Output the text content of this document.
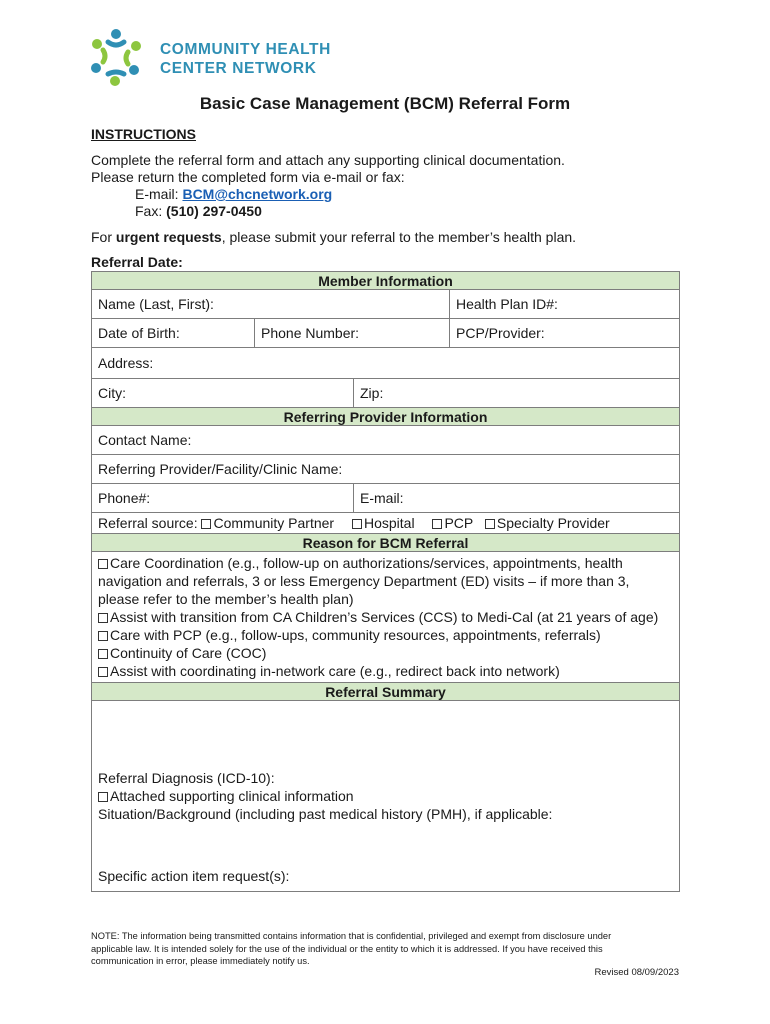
COMMUNITY HEALTH
CENTER NETWORK
Basic Case Management (BCM) Referral Form
INSTRUCTIONS
Complete the referral form and attach any supporting clinical documentation.
Please return the completed form via e-mail or fax:
E-mail: BCM@chcnetwork.org
Fax: (510) 297-0450
For urgent requests, please submit your referral to the member’s health plan.
Referral Date:
Member Information			
Name (Last, First):			Health Plan ID#:
Date of Birth:	Phone Number:		PCP/Provider:
Address:			
City:		Zip:	
Referring Provider Information			
Contact Name:			
Referring Provider/Facility/Clinic Name:			
Phone#:		E-mail:	
Referral source: Community Partner Hospital PCP Specialty Provider			
Reason for BCM Referral			

Care Coordination (e.g., follow-up on authorizations/services, appointments, health navigation and referrals, 3 or less Emergency Department (ED) visits – if more than 3, please refer to the member’s health plan)
Assist with transition from CA Children’s Services (CCS) to Medi-Cal (at 21 years of age)
Care with PCP (e.g., follow-ups, community resources, appointments, referrals)
Continuity of Care (COC)
Assist with coordinating in-network care (e.g., redirect back into network)			

Referral Summary			

Referral Diagnosis (ICD-10):
Attached supporting clinical information
Situation/Background (including past medical history (PMH), if applicable:
Specific action item request(s):			
NOTE: The information being transmitted contains information that is confidential, privileged and exempt from disclosure under applicable law. It is intended solely for the use of the individual or the entity to which it is addressed. If you have received this communication in error, please immediately notify us.
Revised 08/09/2023
